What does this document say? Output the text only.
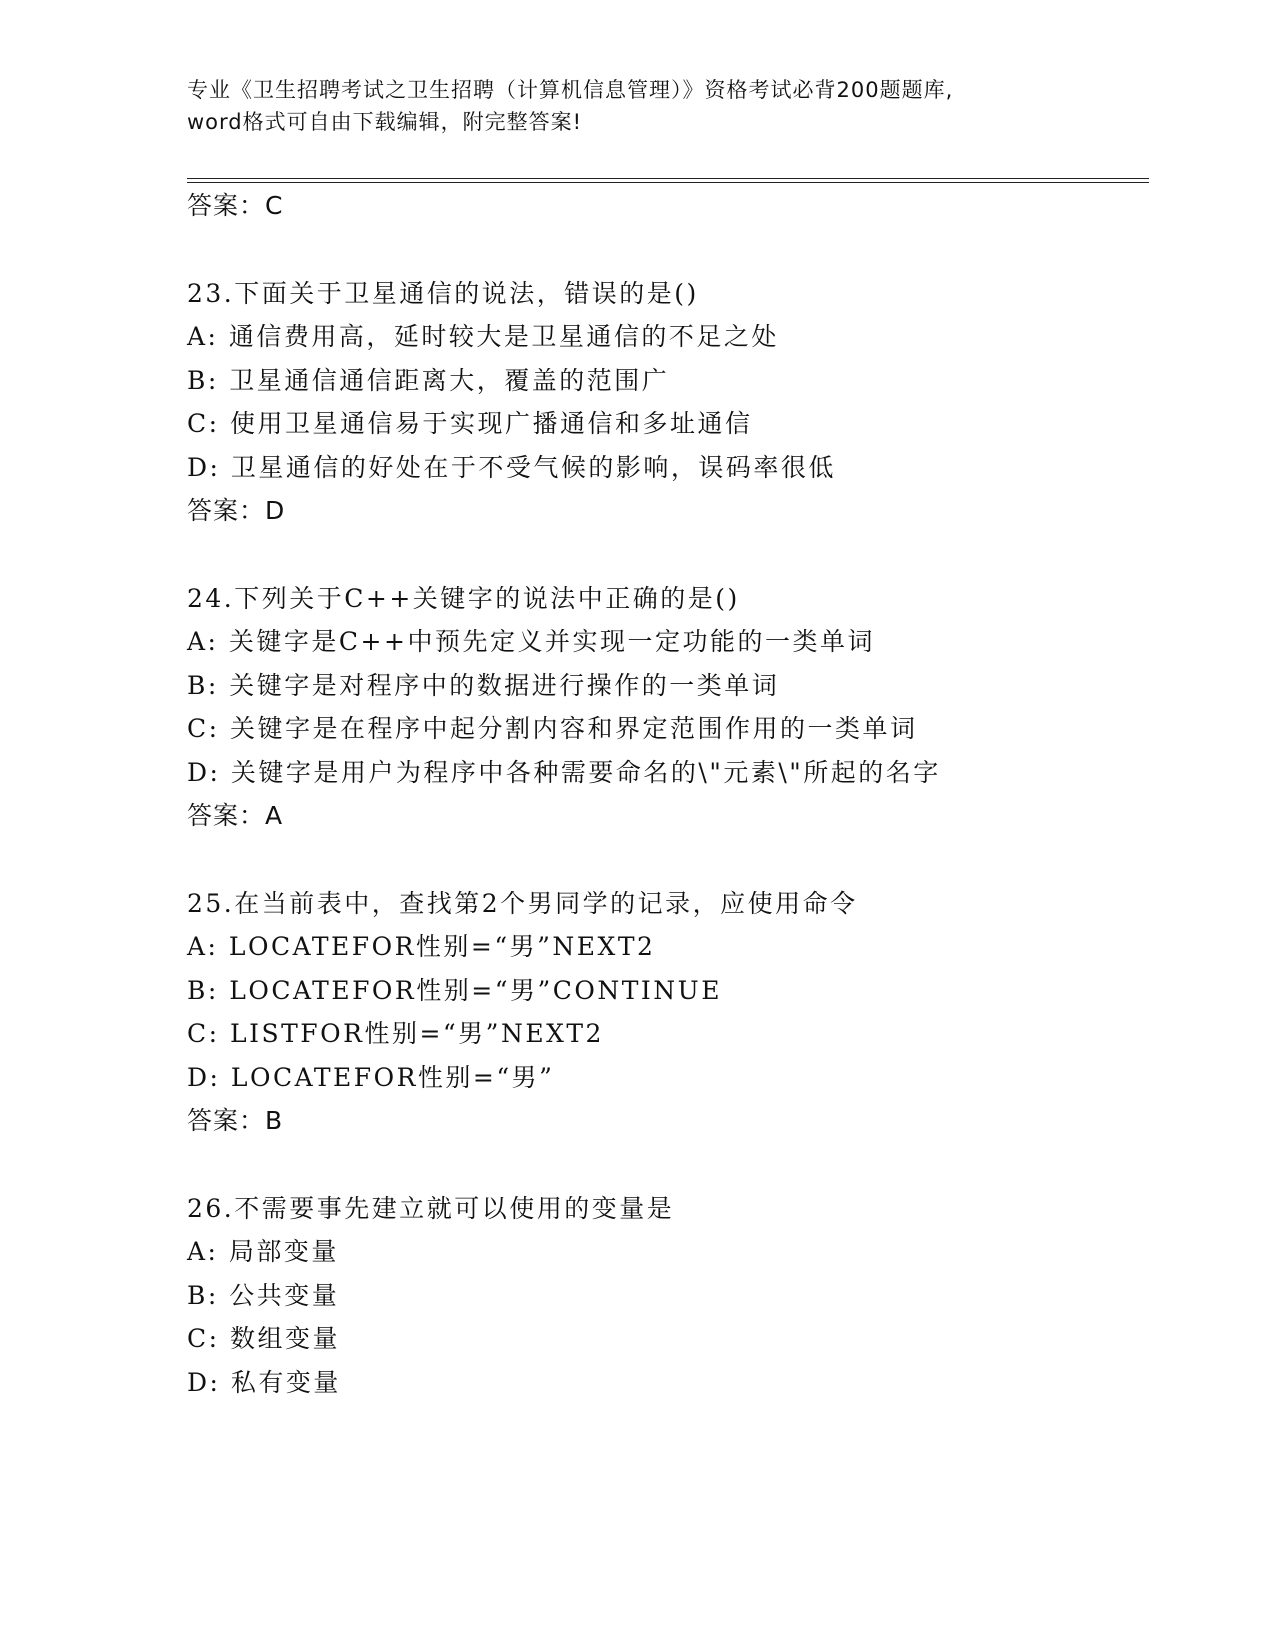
专业《卫生招聘考试之卫生招聘（计算机信息管理）》资格考试必背200题题库,
word格式可自由下载编辑，附完整答案!
答案：C
23.下面关于卫星通信的说法，错误的是()
A: 通信费用高，延时较大是卫星通信的不足之处
B: 卫星通信通信距离大，覆盖的范围广
C: 使用卫星通信易于实现广播通信和多址通信
D: 卫星通信的好处在于不受气候的影响，误码率很低
答案：D
24.下列关于C++关键字的说法中正确的是()
A: 关键字是C++中预先定义并实现一定功能的一类单词
B: 关键字是对程序中的数据进行操作的一类单词
C: 关键字是在程序中起分割内容和界定范围作用的一类单词
D: 关键字是用户为程序中各种需要命名的\"元素\"所起的名字
答案：A
25.在当前表中，查找第2个男同学的记录，应使用命令
A: LOCATEFOR性别=“男”NEXT2
B: LOCATEFOR性别=“男”CONTINUE
C: LISTFOR性别=“男”NEXT2
D: LOCATEFOR性别=“男”
答案：B
26.不需要事先建立就可以使用的变量是
A: 局部变量
B: 公共变量
C: 数组变量
D: 私有变量
